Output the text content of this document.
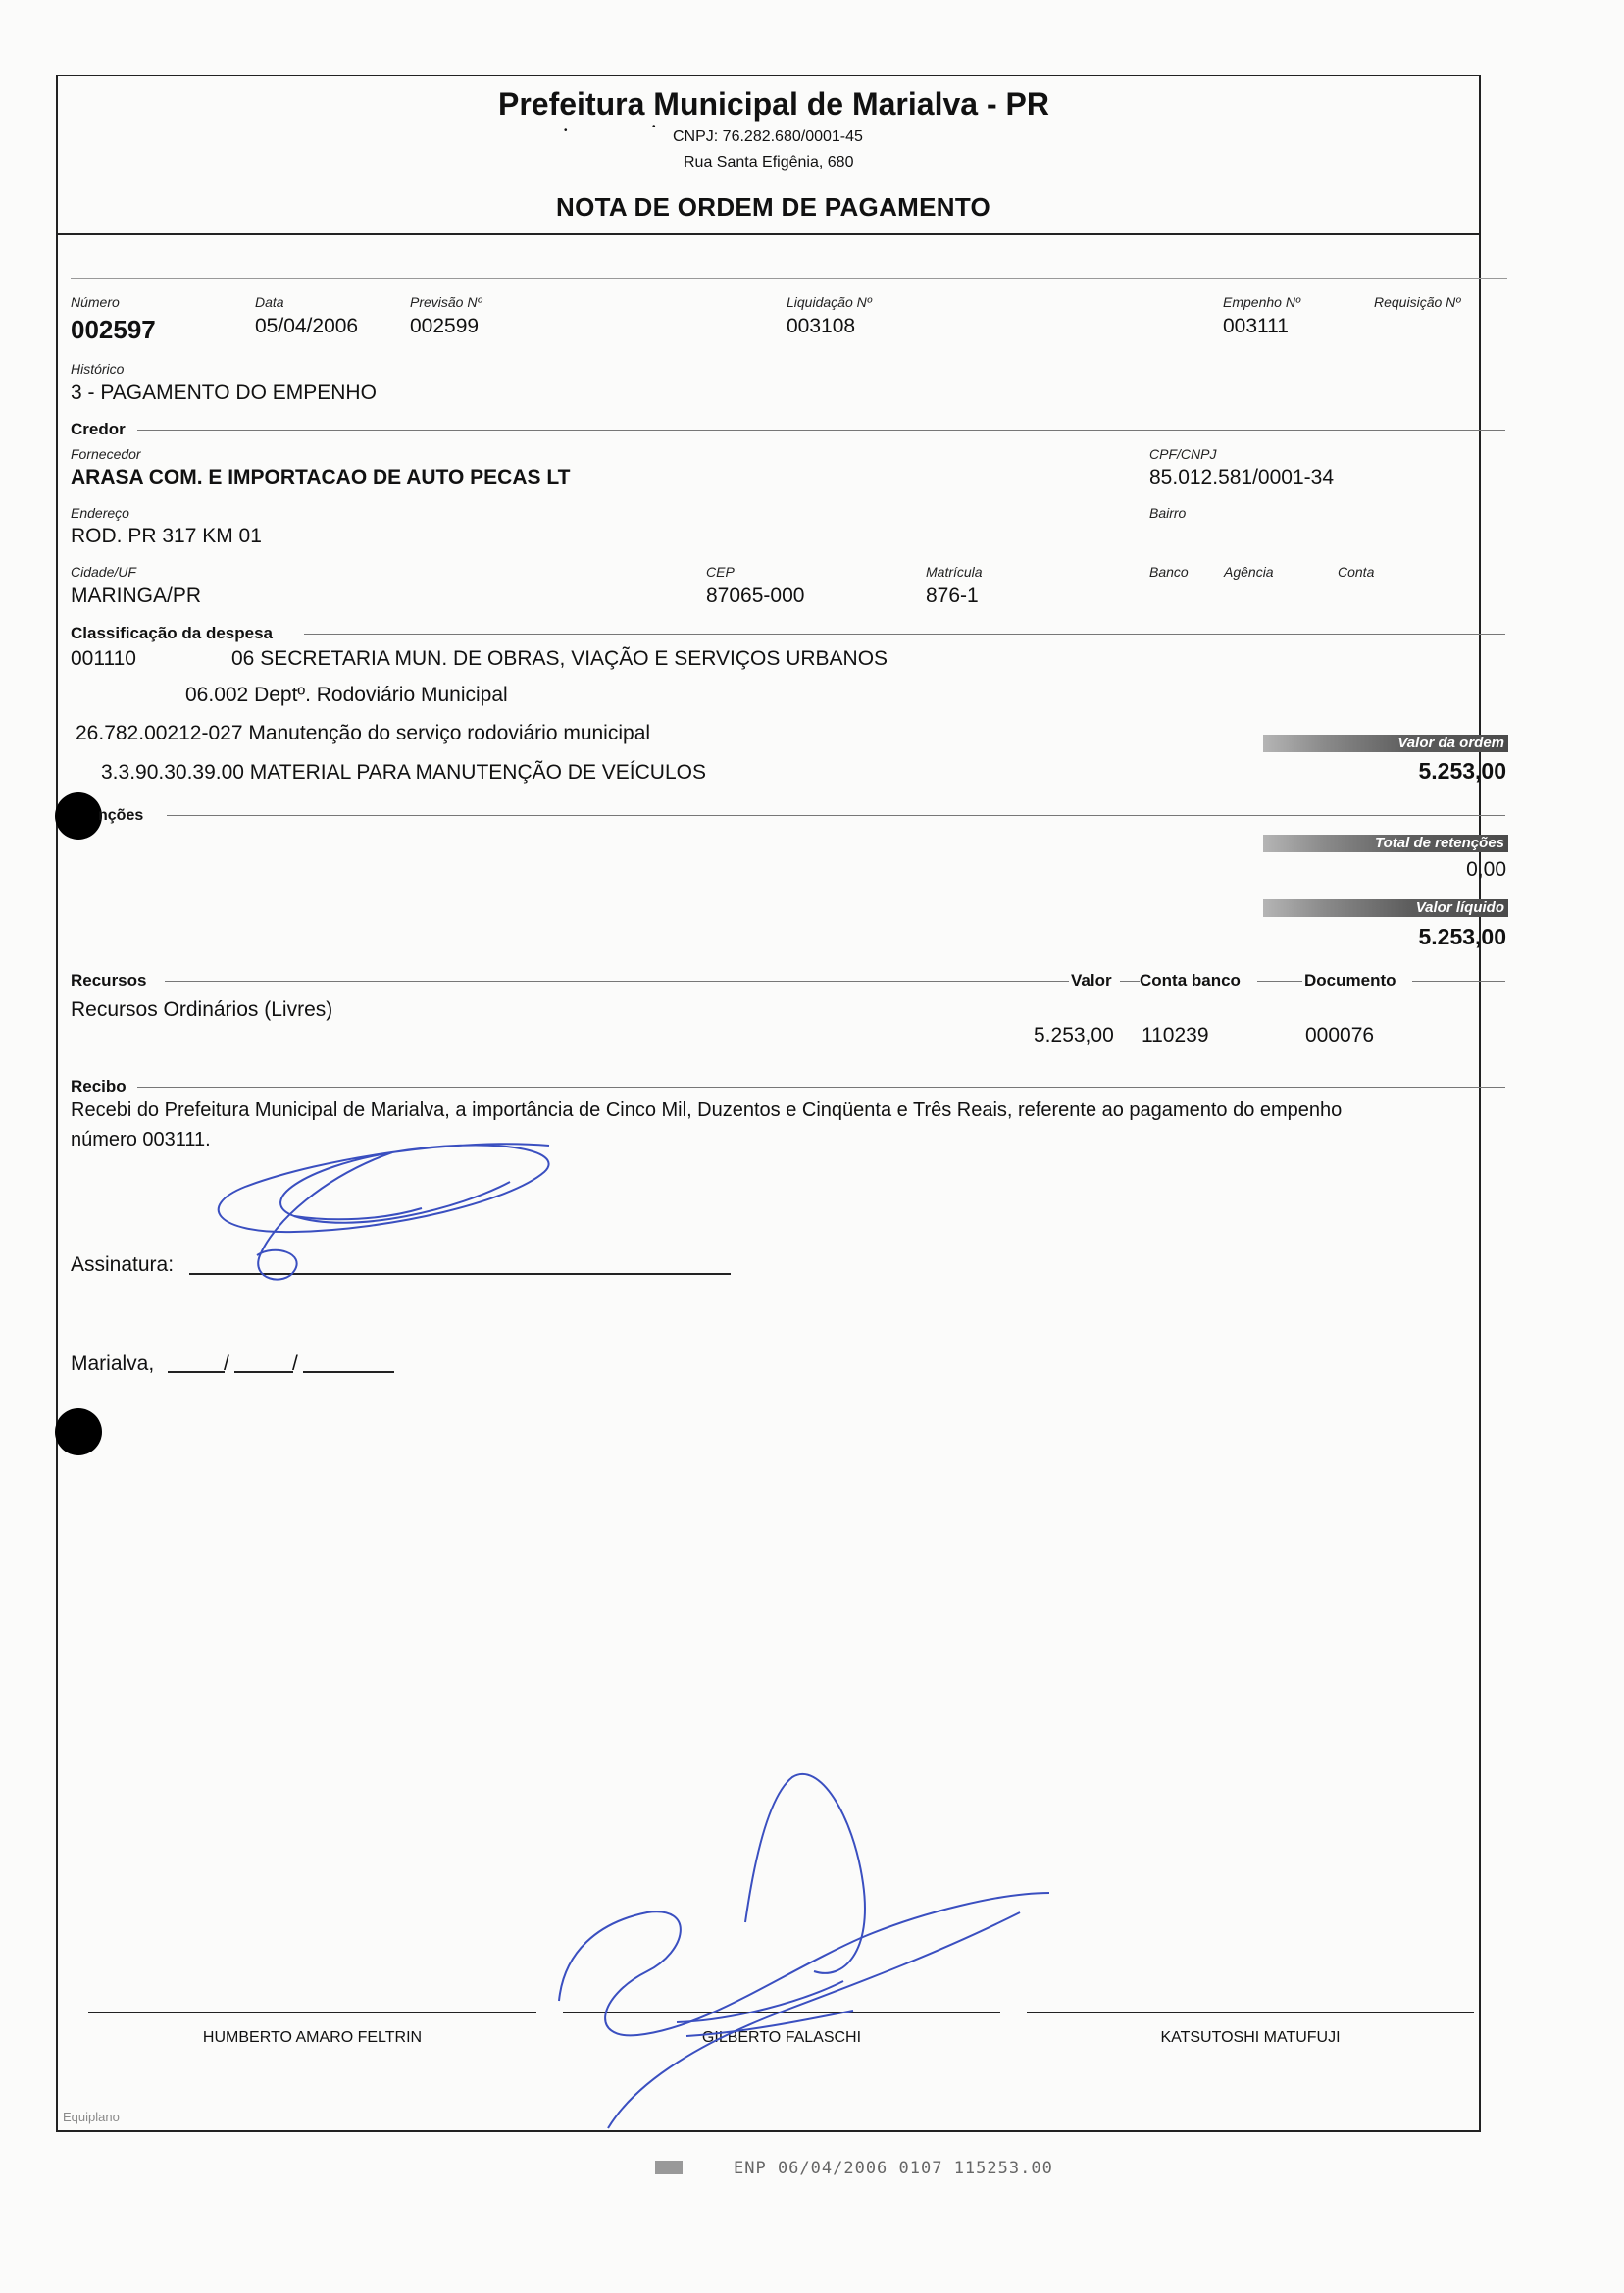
Prefeitura Municipal de Marialva - PR
•	•
CNPJ: 76.282.680/0001-45
Rua Santa Efigênia, 680
NOTA DE ORDEM DE PAGAMENTO
Número
002597
Data
05/04/2006
Previsão Nº
002599
Liquidação Nº
003108
Empenho Nº
003111
Requisição Nº
Histórico
3 - PAGAMENTO DO EMPENHO
Credor
Fornecedor
ARASA COM. E IMPORTACAO DE AUTO PECAS LT
CPF/CNPJ
85.012.581/0001-34
Endereço
ROD. PR 317 KM 01
Bairro
Cidade/UF
MARINGA/PR
CEP
87065-000
Matrícula
876-1
Banco	Agência	Conta
Classificação da despesa
001110	06 SECRETARIA MUN. DE OBRAS, VIAÇÃO E SERVIÇOS URBANOS
06.002 Deptº. Rodoviário Municipal
26.782.00212-027 Manutenção do serviço rodoviário municipal
3.3.90.30.39.00 MATERIAL PARA MANUTENÇÃO DE VEÍCULOS
Valor da ordem
5.253,00
nções
Total de retenções
0,00
Valor líquido
5.253,00
Recursos	Valor Conta banco	Documento
Recursos Ordinários (Livres)
5.253,00 110239	000076
Recibo
Recebi do Prefeitura Municipal de Marialva, a importância de Cinco Mil, Duzentos e Cinqüenta e Três Reais, referente ao pagamento do empenho
número 003111.
Assinatura:
Marialva,	/	/
HUMBERTO AMARO FELTRIN	GILBERTO FALASCHI	KATSUTOSHI MATUFUJI
Equiplano
ENP 06/04/2006 0107 115253.00
